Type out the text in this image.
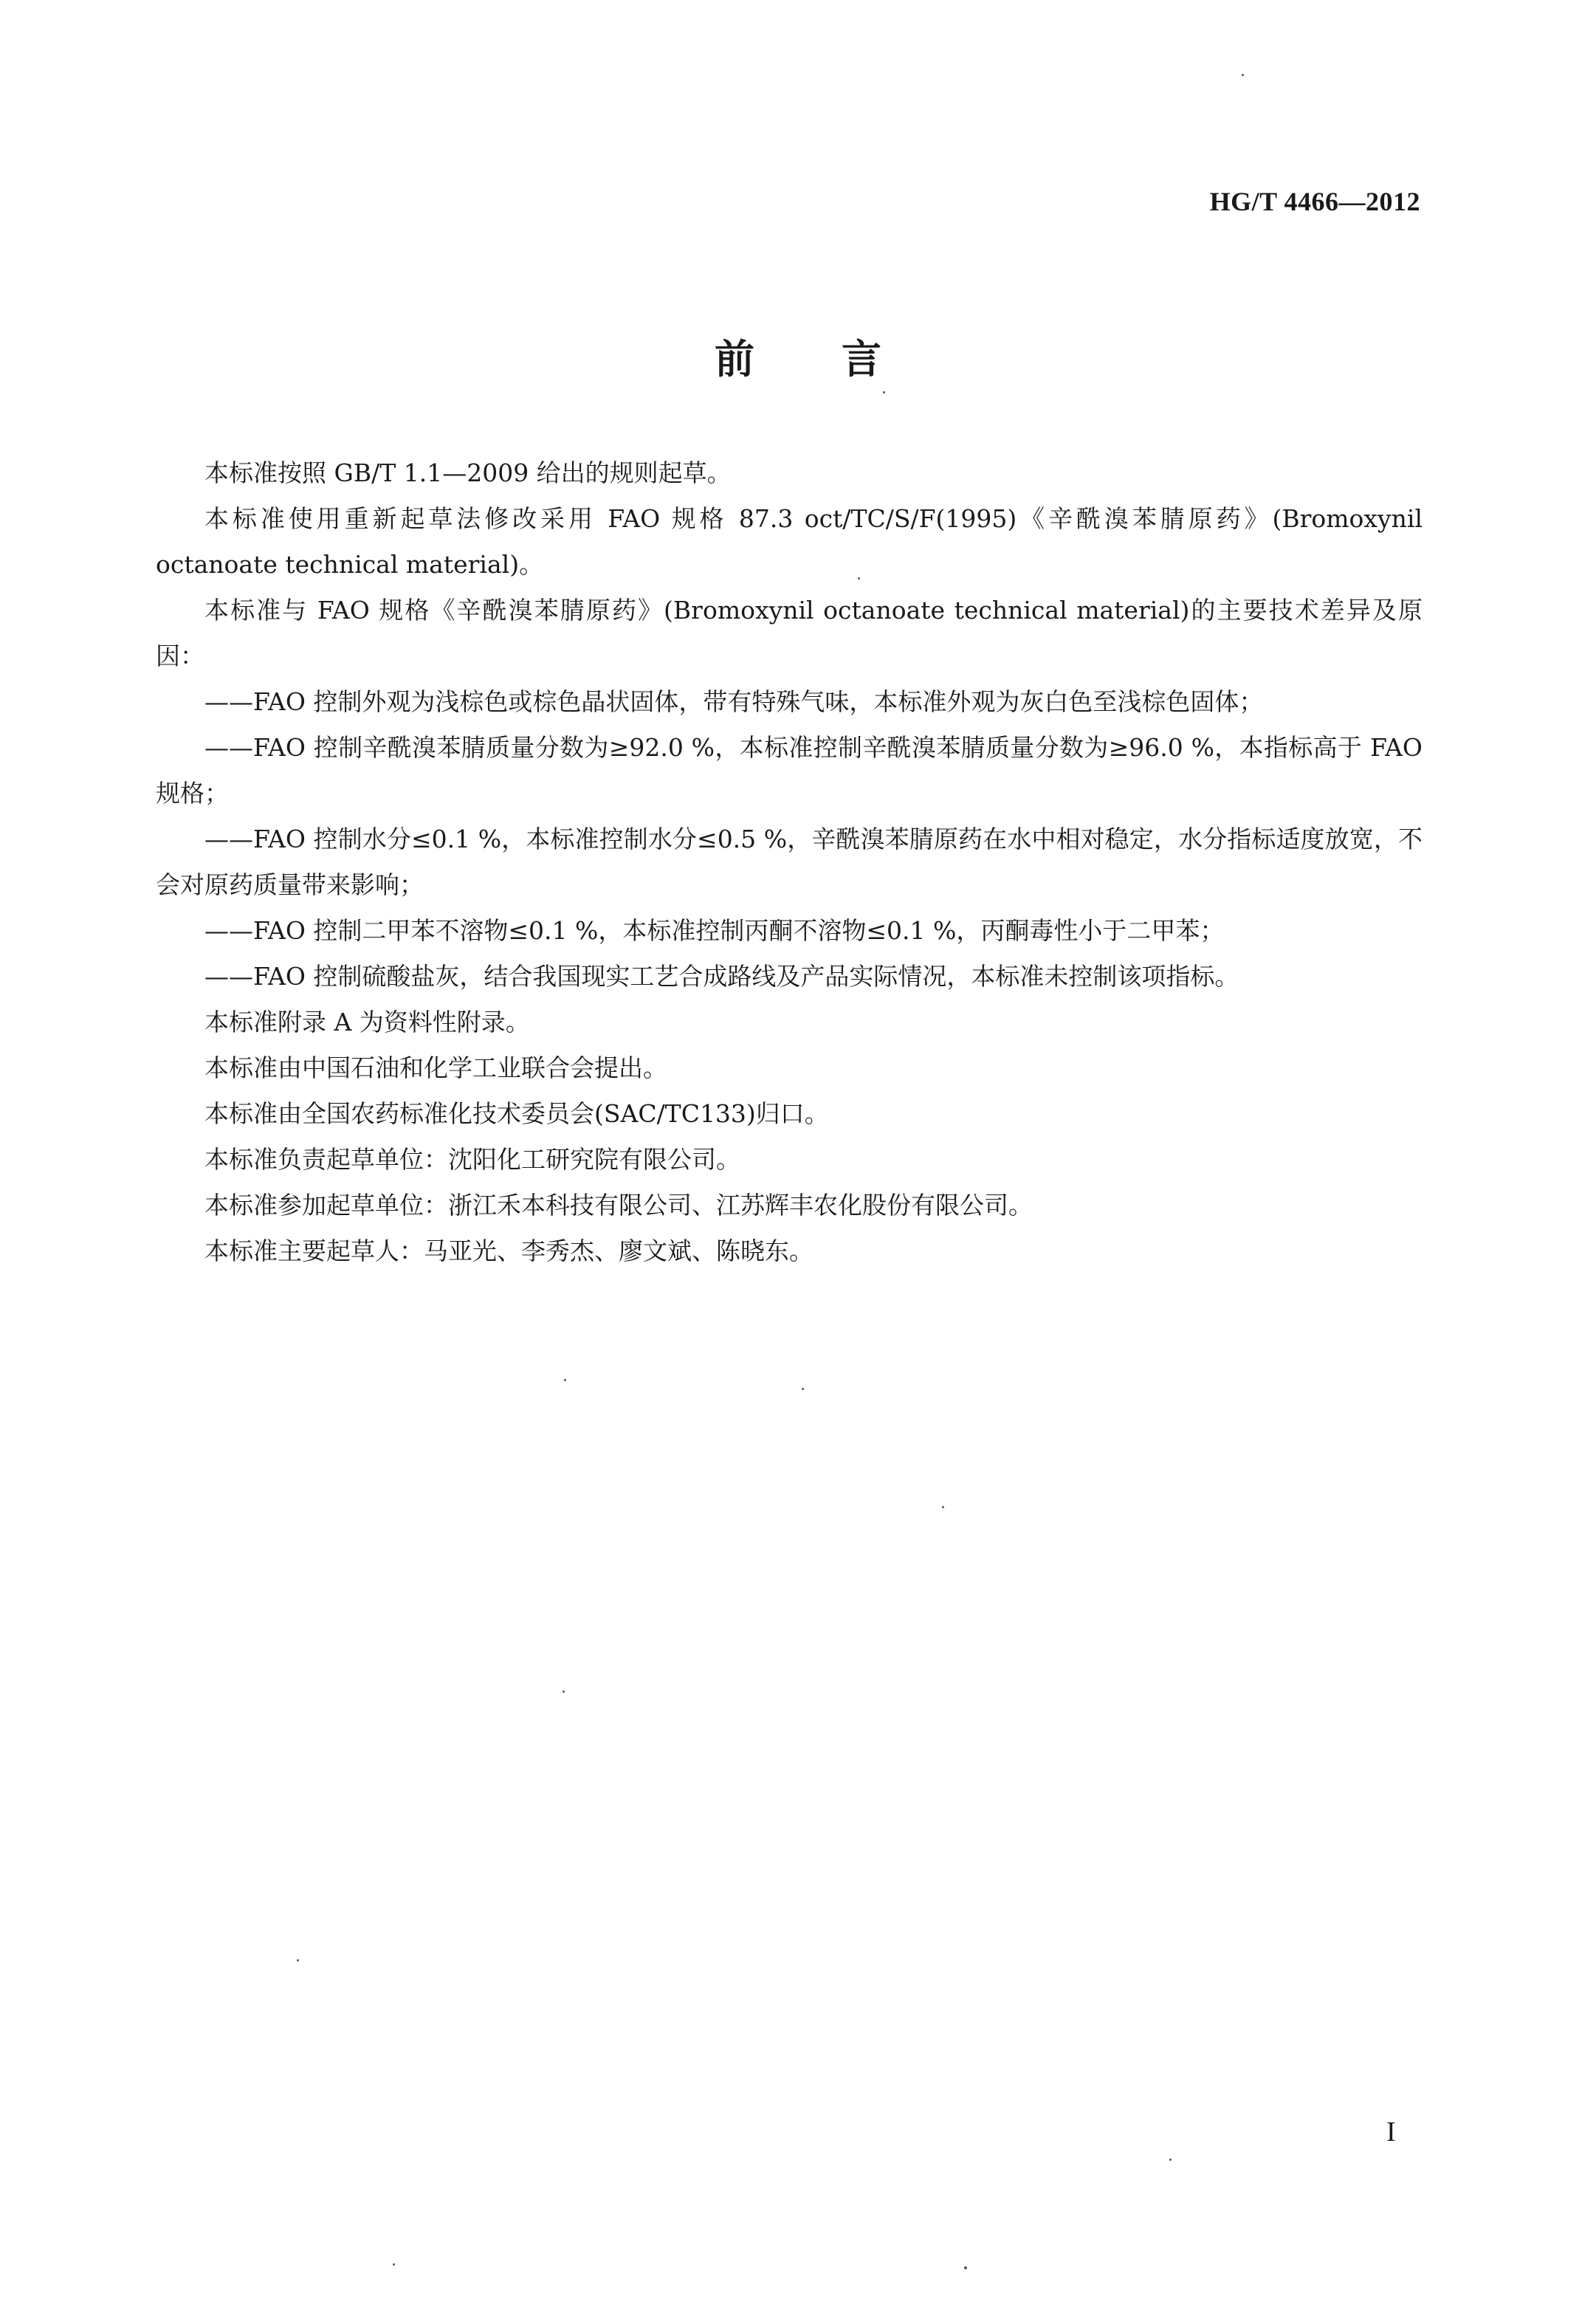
HG/T 4466—2012
前言

本标准按照 GB/T 1.1—2009 给出的规则起草。

本标准使用重新起草法修改采用 FAO 规格 87.3 oct/TC/S/F(1995)《辛酰溴苯腈原药》(Bromoxynil octanoate technical material)。

本标准与 FAO 规格《辛酰溴苯腈原药》(Bromoxynil octanoate technical material)的主要技术差异及原因：

——FAO 控制外观为浅棕色或棕色晶状固体，带有特殊气味，本标准外观为灰白色至浅棕色固体；

——FAO 控制辛酰溴苯腈质量分数为≥92.0 %，本标准控制辛酰溴苯腈质量分数为≥96.0 %，本指标高于 FAO 规格；

——FAO 控制水分≤0.1 %，本标准控制水分≤0.5 %，辛酰溴苯腈原药在水中相对稳定，水分指标适度放宽，不会对原药质量带来影响；

——FAO 控制二甲苯不溶物≤0.1 %，本标准控制丙酮不溶物≤0.1 %，丙酮毒性小于二甲苯；

——FAO 控制硫酸盐灰，结合我国现实工艺合成路线及产品实际情况，本标准未控制该项指标。

本标准附录 A 为资料性附录。

本标准由中国石油和化学工业联合会提出。

本标准由全国农药标准化技术委员会(SAC/TC133)归口。

本标准负责起草单位：沈阳化工研究院有限公司。

本标准参加起草单位：浙江禾本科技有限公司、江苏辉丰农化股份有限公司。

本标准主要起草人：马亚光、李秀杰、廖文斌、陈晓东。

I
